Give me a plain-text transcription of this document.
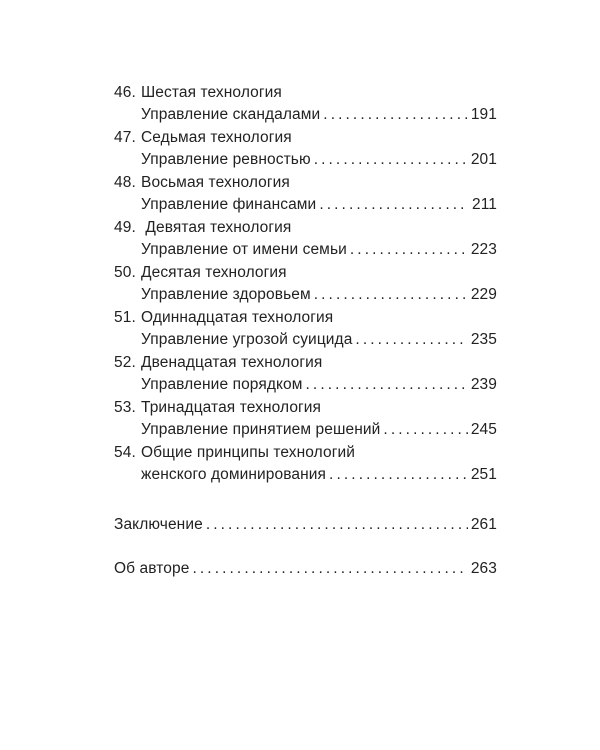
46. Шестая технология
Управление скандалами . . .	191
47. Седьмая технология
Управление ревностью . . .	201
48. Восьмая технология
Управление финансами . . .	211
49. Девятая технология
Управление от имени семьи . . .	223
50. Десятая технология
Управление здоровьем . . .	229
51. Одиннадцатая технология
Управление угрозой суицида . . .	235
52. Двенадцатая технология
Управление порядком . . .	239
53. Тринадцатая технология
Управление принятием решений . . .	245
54. Общие принципы технологий
женского доминирования . . .	251
Заключение . . .	261
Об авторе . . .	263
